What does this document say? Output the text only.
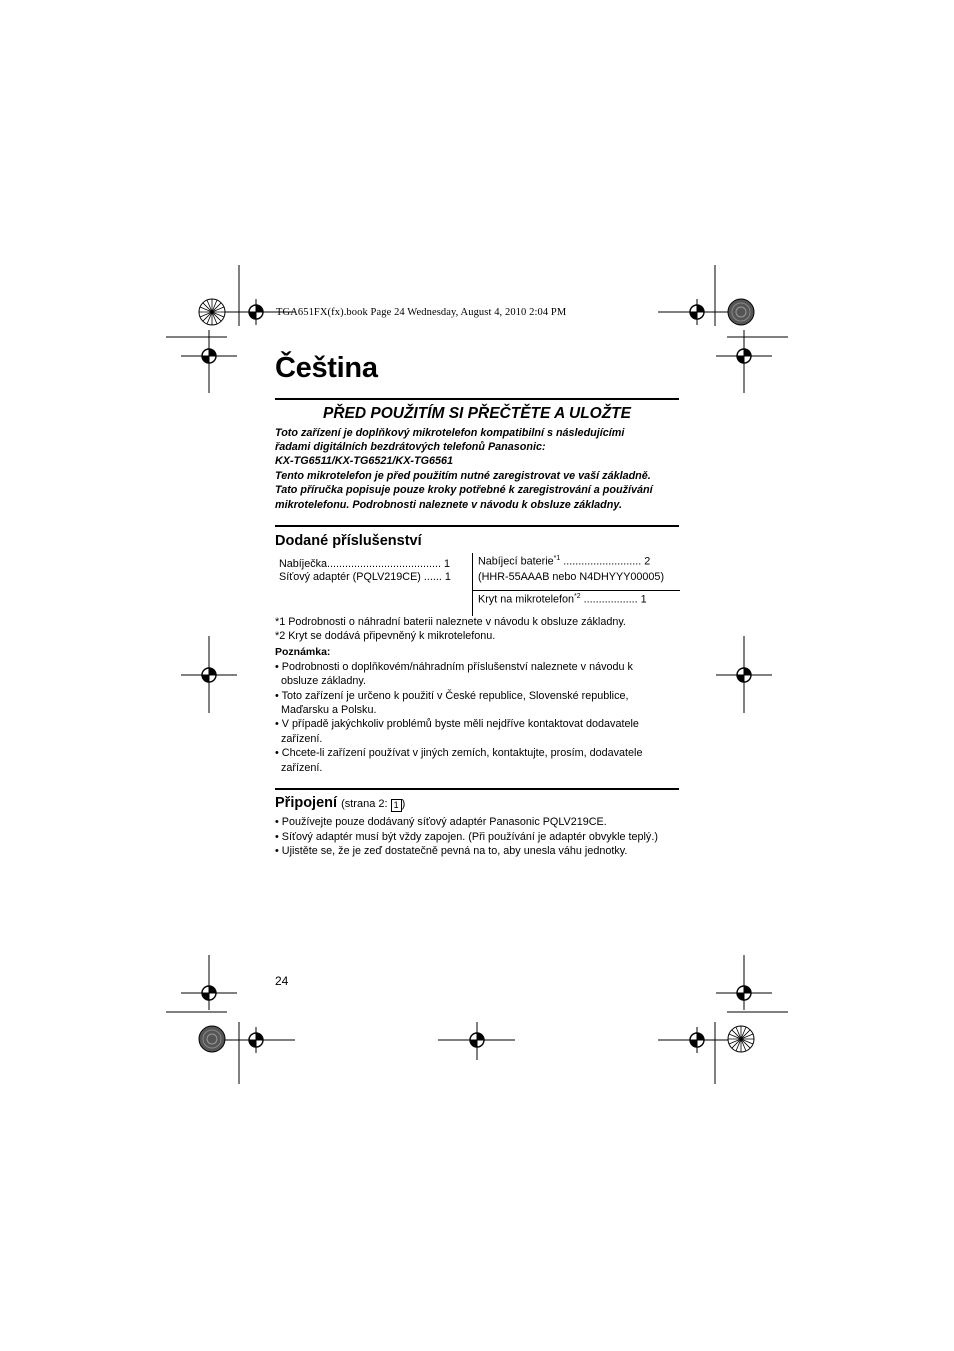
TGA651FX(fx).book Page 24 Wednesday, August 4, 2010 2:04 PM
Čeština
PŘED POUŽITÍM SI PŘEČTĚTE A ULOŽTE
Toto zařízení je doplňkový mikrotelefon kompatibilní s následujícími
řadami digitálních bezdrátových telefonů Panasonic:
KX-TG6511/KX-TG6521/KX-TG6561
Tento mikrotelefon je před použitím nutné zaregistrovat ve vaší základně.
Tato příručka popisuje pouze kroky potřebné k zaregistrování a používání
mikrotelefonu. Podrobnosti naleznete v návodu k obsluze základny.
Dodané příslušenství
Nabíječka...................................... 1
Síťový adaptér (PQLV219CE) ...... 1
Nabíjecí baterie$^{*1}$ .......................... 2
(HHR-55AAAB nebo N4DHYYY00005)
Kryt na mikrotelefon$^{*2}$ .................. 1
*1 Podrobnosti o náhradní baterii naleznete v návodu k obsluze základny.
*2 Kryt se dodává připevněný k mikrotelefonu.
Poznámka:
• Podrobnosti o doplňkovém/náhradním příslušenství naleznete v návodu k
obsluze základny.
• Toto zařízení je určeno k použití v České republice, Slovenské republice,
Maďarsku a Polsku.
• V případě jakýchkoliv problémů byste měli nejdříve kontaktovat dodavatele
zařízení.
• Chcete-li zařízení používat v jiných zemích, kontaktujte, prosím, dodavatele
zařízení.
Připojení (strana 2: 1 )
• Používejte pouze dodávaný síťový adaptér Panasonic PQLV219CE.
• Síťový adaptér musí být vždy zapojen. (Při používání je adaptér obvykle teplý.)
• Ujistěte se, že je zeď dostatečně pevná na to, aby unesla váhu jednotky.
24
